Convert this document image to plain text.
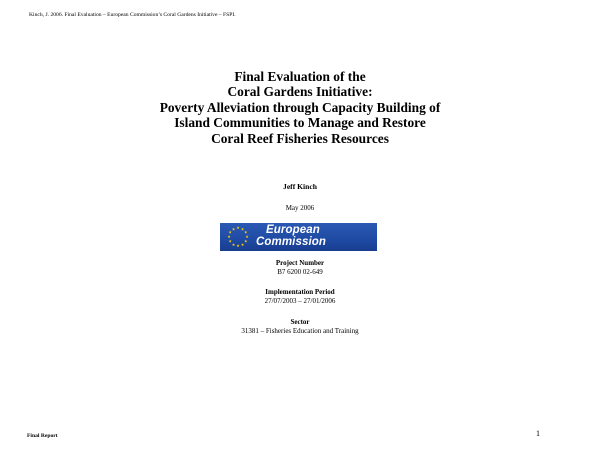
Kinch, J. 2006. Final Evaluation – European Commission’s Coral Gardens Initiative – FSPI.
Final Evaluation of the
Coral Gardens Initiative:
Poverty Alleviation through Capacity Building of
Island Communities to Manage and Restore
Coral Reef Fisheries Resources
Jeff Kinch
May 2006
★ ★
★
★
★
★
★
★
★
★
★
★	European
Commission
Project Number
B7 6200 02-649
Implementation Period
27/07/2003 – 27/01/2006
Sector
31381 – Fisheries Education and Training
Final Report	1
